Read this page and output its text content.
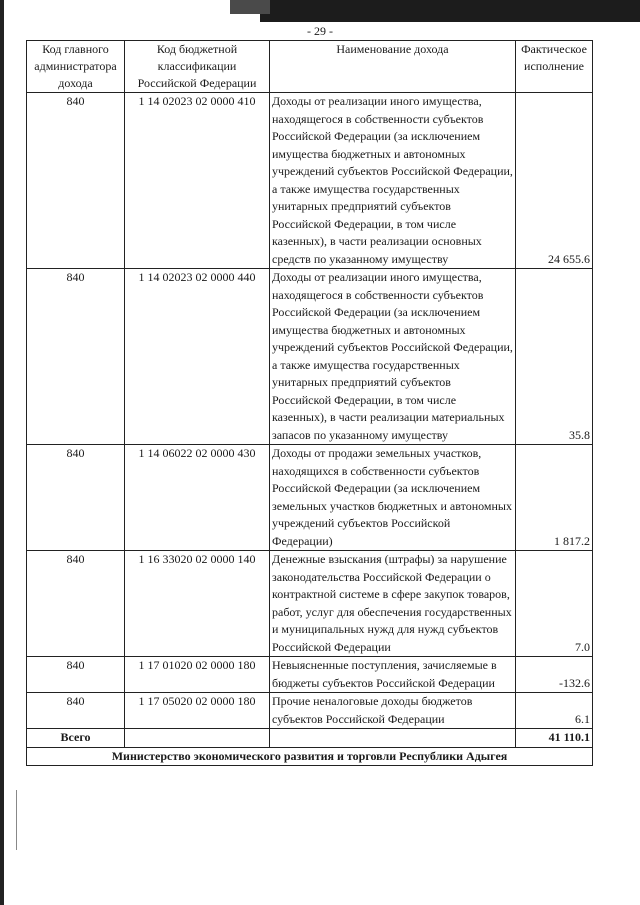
- 29 -
Код главного администратора дохода	Код бюджетной классификации Российской Федерации	Наименование дохода	Фактическое исполнение
840	1 14 02023 02 0000 410	Доходы от реализации иного имущества, находящегося в собственности субъектов Российской Федерации (за исключением имущества бюджетных и автономных учреждений субъектов Российской Федерации, а также имущества государственных унитарных предприятий субъектов Российской Федерации, в том числе казенных), в части реализации основных средств по указанному имуществу	24 655.6
840	1 14 02023 02 0000 440	Доходы от реализации иного имущества, находящегося в собственности субъектов Российской Федерации (за исключением имущества бюджетных и автономных учреждений субъектов Российской Федерации, а также имущества государственных унитарных предприятий субъектов Российской Федерации, в том числе казенных), в части реализации материальных запасов по указанному имуществу	35.8
840	1 14 06022 02 0000 430	Доходы от продажи земельных участков, находящихся в собственности субъектов Российской Федерации (за исключением земельных участков бюджетных и автономных учреждений субъектов Российской Федерации)	1 817.2
840	1 16 33020 02 0000 140	Денежные взыскания (штрафы) за нарушение законодательства Российской Федерации о контрактной системе в сфере закупок товаров, работ, услуг для обеспечения государственных и муниципальных нужд для нужд субъектов Российской Федерации	7.0
840	1 17 01020 02 0000 180	Невыясненные поступления, зачисляемые в бюджеты субъектов Российской Федерации	-132.6
840	1 17 05020 02 0000 180	Прочие неналоговые доходы бюджетов субъектов Российской Федерации	6.1
Всего			41 110.1
Министерство экономического развития и торговли Республики Адыгея			
